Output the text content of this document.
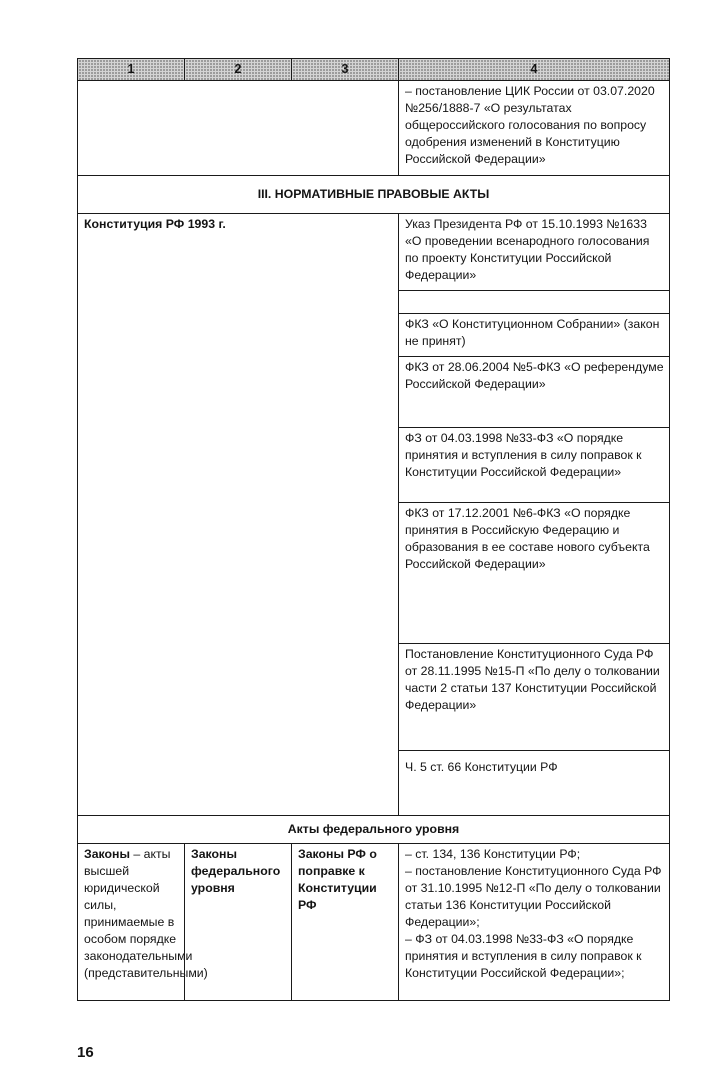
1	2	3	4
			– постановление ЦИК России от 03.07.2020 №256/1888-7 «О результатах общероссийского голосования по вопросу одобрения изменений в Конституцию Российской Федерации»
III. НОРМАТИВНЫЕ ПРАВОВЫЕ АКТЫ			
Конституция РФ 1993 г.			Указ Президента РФ от 15.10.1993 №1633 «О проведении всенародного голосования по проекту Конституции Российской Федерации»

			ФКЗ «О Конституционном Собрании» (закон не принят)
			ФКЗ от 28.06.2004 №5-ФКЗ «О референдуме Российской Федерации»
			ФЗ от 04.03.1998 №33-ФЗ «О порядке принятия и вступления в силу поправок к Конституции Российской Федерации»
			ФКЗ от 17.12.2001 №6-ФКЗ «О порядке принятия в Российскую Федерацию и образования в ее составе нового субъекта Российской Федерации»
			Постановление Конституционного Суда РФ от 28.11.1995 №15-П «По делу о толковании части 2 статьи 137 Конституции Российской Федерации»
			Ч. 5 ст. 66 Конституции РФ
Акты федерального уровня			
Законы – акты высшей юридической силы, принимаемые в особом порядке законодательными (представительными)	Законы федерального уровня	Законы РФ о поправке к Конституции РФ	– ст. 134, 136 Конституции РФ;
– постановление Конституционного Суда РФ от 31.10.1995 №12-П «По делу о толковании статьи 136 Конституции Российской Федерации»;
– ФЗ от 04.03.1998 №33-ФЗ «О порядке принятия и вступления в силу поправок к Конституции Российской Федерации»;
16
